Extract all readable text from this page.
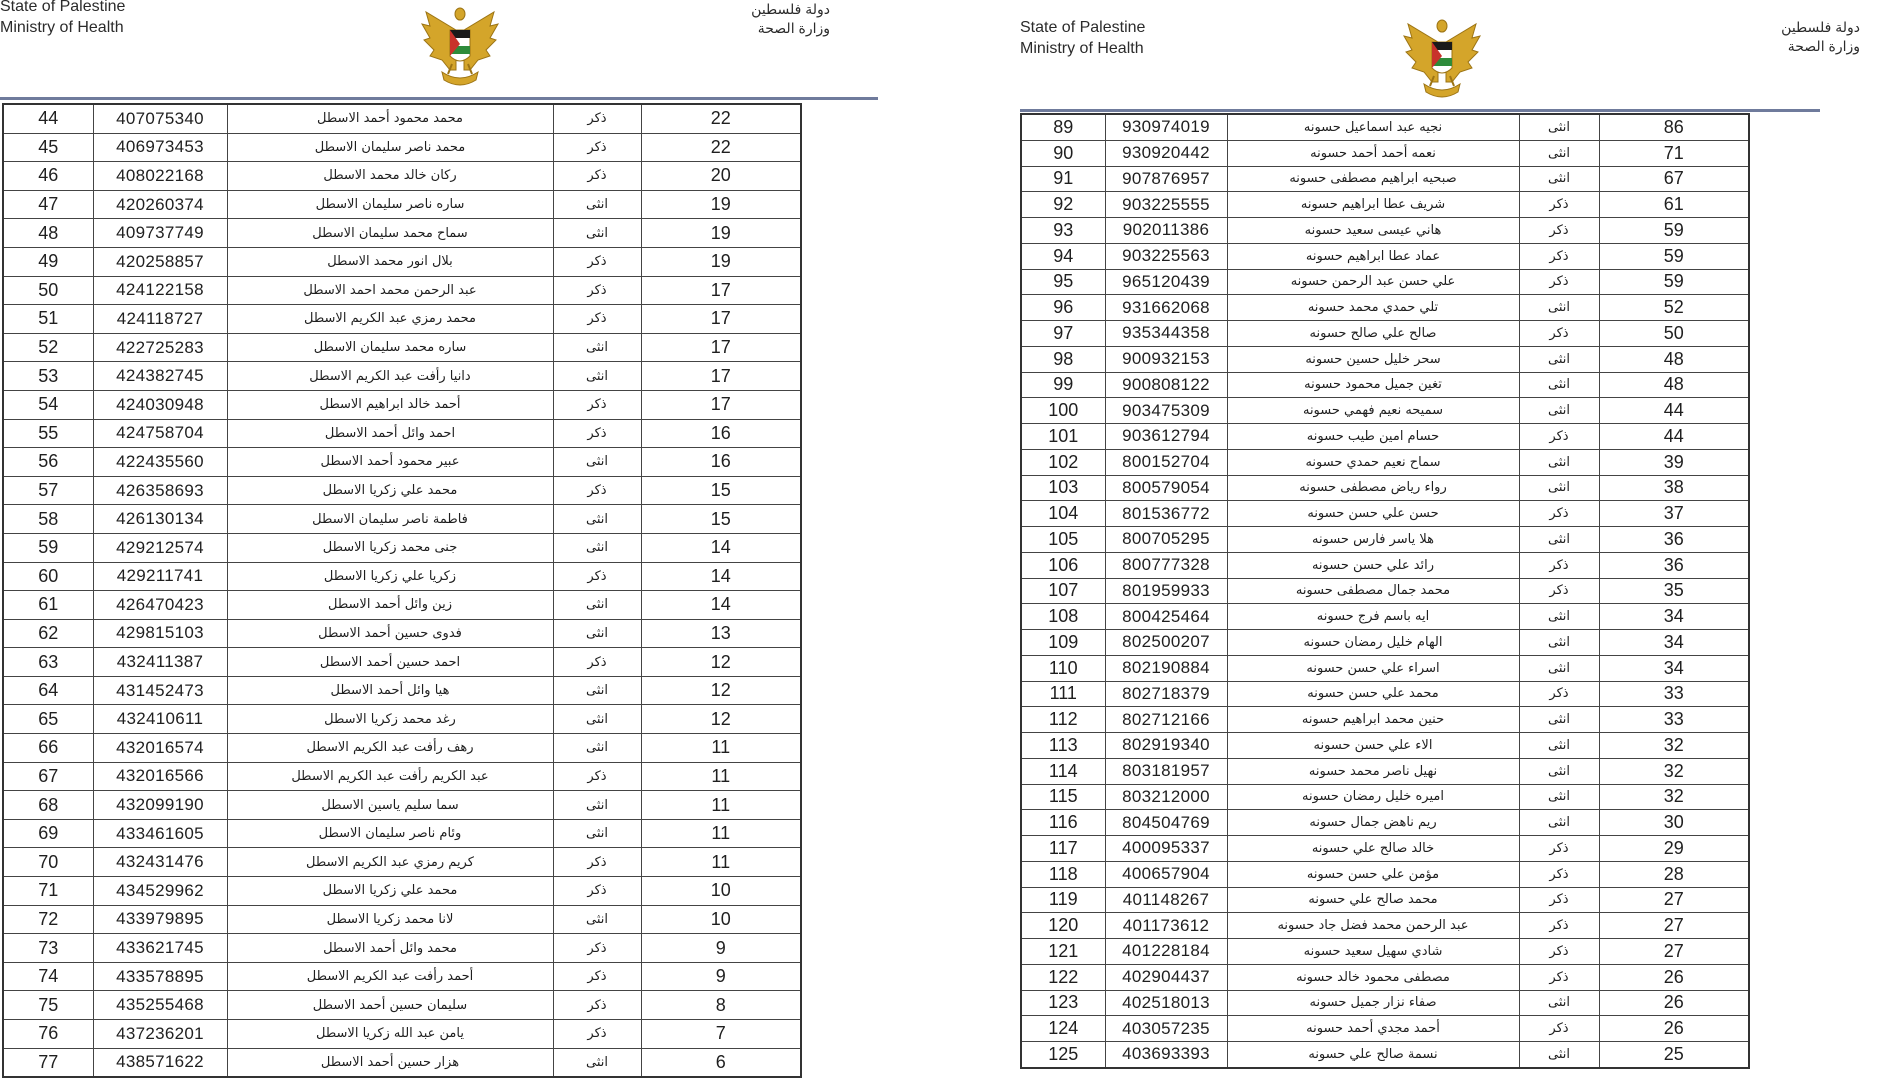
State of Palestine
Ministry of Health
دولة فلسطين
وزارة الصحة
44	407075340	محمد محمود أحمد الاسطل	ذكر	22
45	406973453	محمد ناصر سليمان الاسطل	ذكر	22
46	408022168	ركان خالد محمد الاسطل	ذكر	20
47	420260374	ساره ناصر سليمان الاسطل	انثى	19
48	409737749	سماح محمد سليمان الاسطل	انثى	19
49	420258857	بلال انور محمد الاسطل	ذكر	19
50	424122158	عبد الرحمن محمد احمد الاسطل	ذكر	17
51	424118727	محمد رمزي عبد الكريم الاسطل	ذكر	17
52	422725283	ساره محمد سليمان الاسطل	انثى	17
53	424382745	دانيا رأفت عبد الكريم الاسطل	انثى	17
54	424030948	أحمد خالد ابراهيم الاسطل	ذكر	17
55	424758704	احمد وائل أحمد الاسطل	ذكر	16
56	422435560	عبير محمود أحمد الاسطل	انثى	16
57	426358693	محمد علي زكريا الاسطل	ذكر	15
58	426130134	فاطمة ناصر سليمان الاسطل	انثى	15
59	429212574	جنى محمد زكريا الاسطل	انثى	14
60	429211741	زكريا علي زكريا الاسطل	ذكر	14
61	426470423	زين وائل أحمد الاسطل	انثى	14
62	429815103	فدوى حسين أحمد الاسطل	انثى	13
63	432411387	احمد حسين أحمد الاسطل	ذكر	12
64	431452473	هيا وائل أحمد الاسطل	انثى	12
65	432410611	رغد محمد زكريا الاسطل	انثى	12
66	432016574	رهف رأفت عبد الكريم الاسطل	انثى	11
67	432016566	عبد الكريم رأفت عبد الكريم الاسطل	ذكر	11
68	432099190	سما سليم ياسين الاسطل	انثى	11
69	433461605	وئام ناصر سليمان الاسطل	انثى	11
70	432431476	كريم رمزي عبد الكريم الاسطل	ذكر	11
71	434529962	محمد علي زكريا الاسطل	ذكر	10
72	433979895	لانا محمد زكريا الاسطل	انثى	10
73	433621745	محمد وائل أحمد الاسطل	ذكر	9
74	433578895	أحمد رأفت عبد الكريم الاسطل	ذكر	9
75	435255468	سليمان حسين أحمد الاسطل	ذكر	8
76	437236201	يامن عبد الله زكريا الاسطل	ذكر	7
77	438571622	هزار حسين أحمد الاسطل	انثى	6
State of Palestine
Ministry of Health
دولة فلسطين
وزارة الصحة
89	930974019	نجيه عبد اسماعيل حسونه	انثى	86
90	930920442	نعمه أحمد أحمد حسونه	انثى	71
91	907876957	صبحيه ابراهيم مصطفى حسونه	انثى	67
92	903225555	شريف عطا ابراهيم حسونه	ذكر	61
93	902011386	هاني عيسى سعيد حسونه	ذكر	59
94	903225563	عماد عطا ابراهيم حسونه	ذكر	59
95	965120439	علي حسن عبد الرحمن حسونه	ذكر	59
96	931662068	تلي حمدي محمد حسونه	انثى	52
97	935344358	صالح علي صالح حسونه	ذكر	50
98	900932153	سحر خليل حسين حسونه	انثى	48
99	900808122	تغين جميل محمود حسونه	انثى	48
100	903475309	سميحه نعيم فهمي حسونه	انثى	44
101	903612794	حسام امين طيب حسونه	ذكر	44
102	800152704	سماح نعيم حمدي حسونه	انثى	39
103	800579054	رواء رياض مصطفى حسونه	انثى	38
104	801536772	حسن علي حسن حسونه	ذكر	37
105	800705295	هلا ياسر فارس حسونه	انثى	36
106	800777328	رائد علي حسن حسونه	ذكر	36
107	801959933	محمد جمال مصطفى حسونه	ذكر	35
108	800425464	ايه باسم فرج حسونه	انثى	34
109	802500207	الهام خليل رمضان حسونه	انثى	34
110	802190884	اسراء علي حسن حسونه	انثى	34
111	802718379	محمد علي حسن حسونه	ذكر	33
112	802712166	حنين محمد ابراهيم حسونه	انثى	33
113	802919340	الاء علي حسن حسونه	انثى	32
114	803181957	نهيل ناصر محمد حسونه	انثى	32
115	803212000	اميره خليل رمضان حسونه	انثى	32
116	804504769	ريم ناهض جمال حسونه	انثى	30
117	400095337	خالد صالح علي حسونه	ذكر	29
118	400657904	مؤمن علي حسن حسونه	ذكر	28
119	401148267	محمد صالح علي حسونه	ذكر	27
120	401173612	عبد الرحمن محمد فضل جاد حسونه	ذكر	27
121	401228184	شادي سهيل سعيد حسونه	ذكر	27
122	402904437	مصطفى محمود خالد حسونه	ذكر	26
123	402518013	صفاء نزار جميل حسونه	انثى	26
124	403057235	أحمد مجدي أحمد حسونه	ذكر	26
125	403693393	نسمة صالح علي حسونه	انثى	25
